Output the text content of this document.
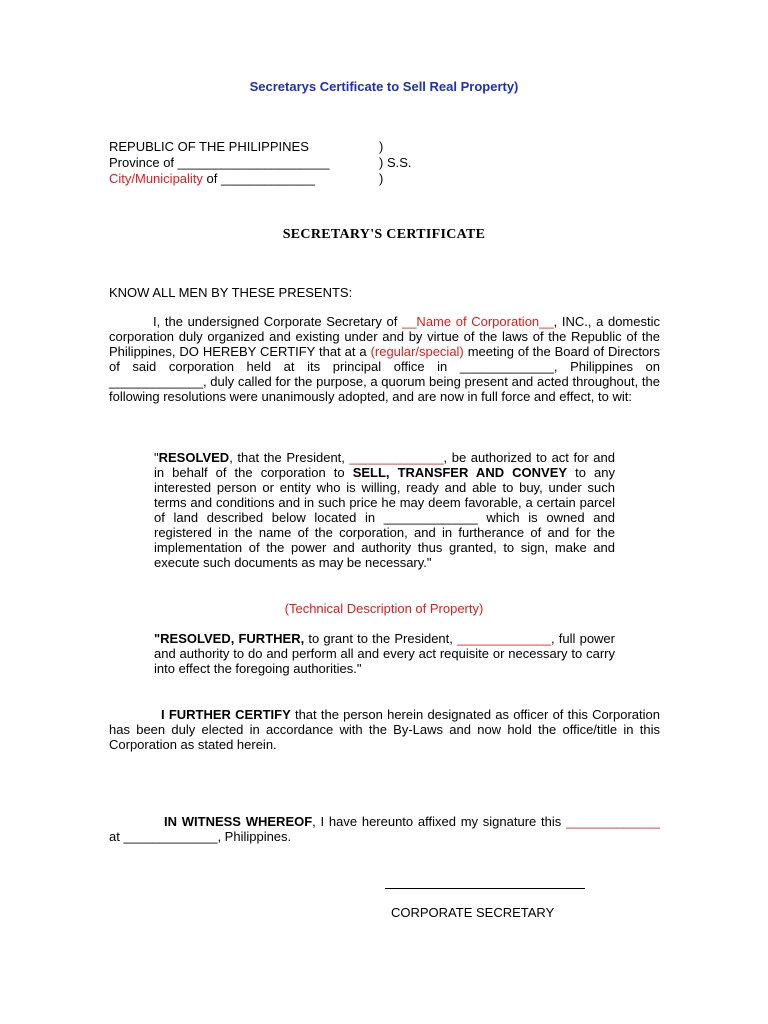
Secretarys Certificate to Sell Real Property)
REPUBLIC OF THE PHILIPPINES	)
Province of _____________________	) S.S.
City/Municipality of _____________	)
SECRETARY'S CERTIFICATE
KNOW ALL MEN BY THESE PRESENTS:
I, the undersigned Corporate Secretary of __Name of Corporation__, INC., a domestic corporation duly organized and existing under and by virtue of the laws of the Republic of the Philippines, DO HEREBY CERTIFY that at a (regular/special) meeting of the Board of Directors of said corporation held at its principal office in _____________, Philippines on _____________, duly called for the purpose, a quorum being present and acted throughout, the following resolutions were unanimously adopted, and are now in full force and effect, to wit:
"RESOLVED, that the President, _____________, be authorized to act for and in behalf of the corporation to SELL, TRANSFER AND CONVEY to any interested person or entity who is willing, ready and able to buy, under such terms and conditions and in such price he may deem favorable, a certain parcel of land described below located in _____________ which is owned and registered in the name of the corporation, and in furtherance of and for the implementation of the power and authority thus granted, to sign, make and execute such documents as may be necessary."
(Technical Description of Property)
"RESOLVED, FURTHER, to grant to the President, _____________, full power and authority to do and perform all and every act requisite or necessary to carry into effect the foregoing authorities."
I FURTHER CERTIFY that the person herein designated as officer of this Corporation has been duly elected in accordance with the By-Laws and now hold the office/title in this Corporation as stated herein.
IN WITNESS WHEREOF, I have hereunto affixed my signature this _____________ at _____________, Philippines.
CORPORATE SECRETARY
